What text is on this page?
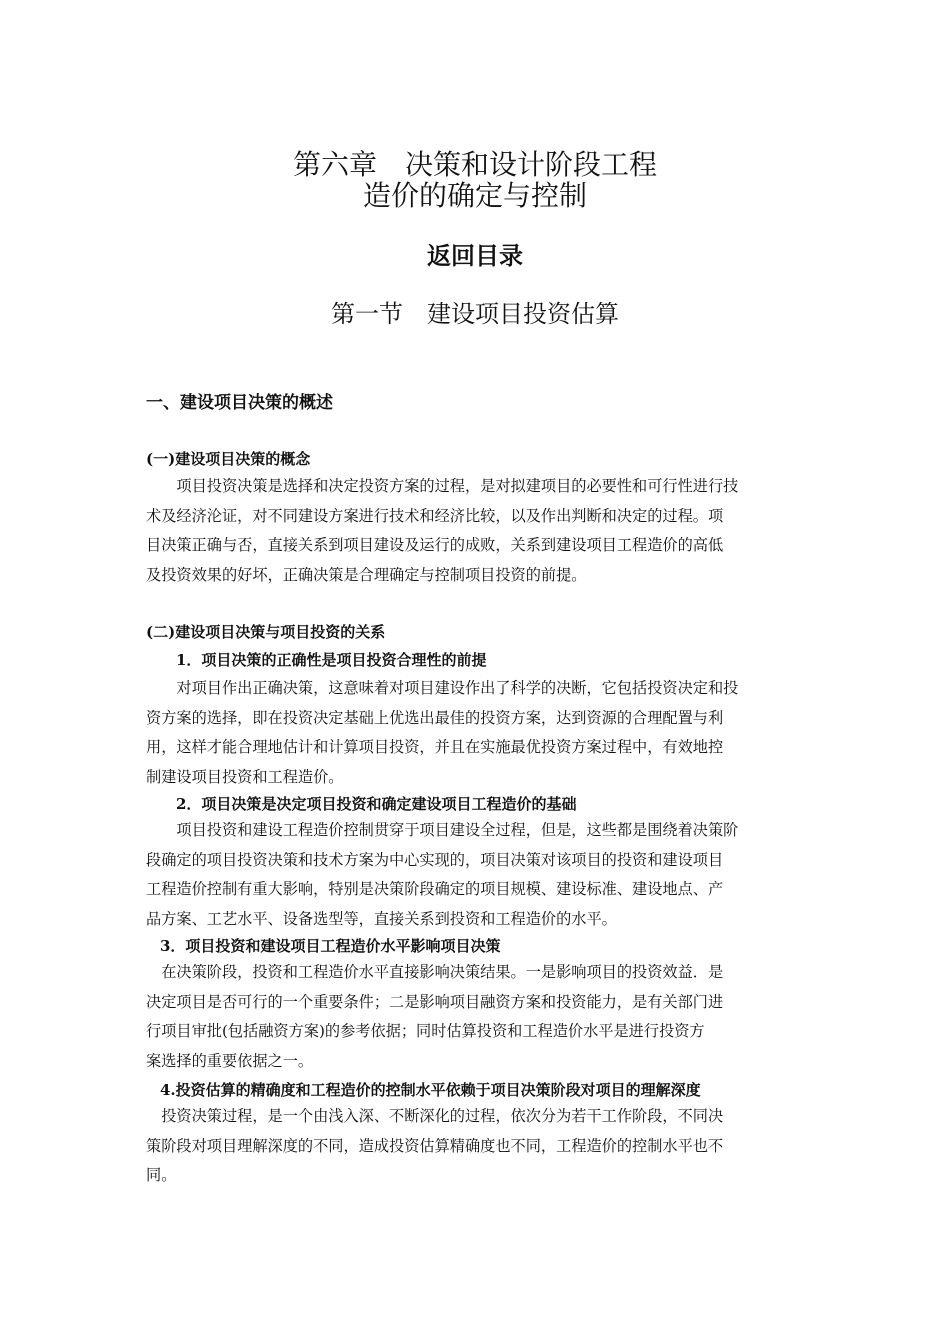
第六章　决策和设计阶段工程
造价的确定与控制
返回目录
第一节　建设项目投资估算
一、建设项目决策的概述
(一)建设项目决策的概念
　　项目投资决策是选择和决定投资方案的过程，是对拟建项目的必要性和可行性进行技
术及经济沦证，对不同建设方案进行技术和经济比较，以及作出判断和决定的过程。项
目决策正确与否，直接关系到项目建设及运行的成败，关系到建设项目工程造价的高低
及投资效果的好坏，正确决策是合理确定与控制项目投资的前提。
(二)建设项目决策与项目投资的关系
1．项目决策的正确性是项目投资合理性的前提
　　对项目作出正确决策，这意味着对项目建设作出了科学的决断，它包括投资决定和投
资方案的选择，即在投资决定基础上优选出最佳的投资方案，达到资源的合理配置与利
用，这样才能合理地估计和计算项目投资，并且在实施最优投资方案过程中，有效地控
制建设项目投资和工程造价。
2．项目决策是决定项目投资和确定建设项目工程造价的基础
　　项目投资和建设工程造价控制贯穿于项目建设全过程，但是，这些都是围绕着决策阶
段确定的项目投资决策和技术方案为中心实现的，项目决策对该项目的投资和建设项目
工程造价控制有重大影响，特别是决策阶段确定的项目规模、建设标准、建设地点、产
品方案、工艺水平、设备选型等，直接关系到投资和工程造价的水平。
3．项目投资和建设项目工程造价水平影响项目决策
　在决策阶段，投资和工程造价水平直接影响决策结果。一是影响项目的投资效益．是
决定项目是否可行的一个重要条件；二是影响项目融资方案和投资能力，是有关部门进
行项目审批(包括融资方案)的参考依据；同时估算投资和工程造价水平是进行投资方
案选择的重要依据之一。
4.投资估算的精确度和工程造价的控制水平依赖于项目决策阶段对项目的理解深度
　投资决策过程，是一个由浅入深、不断深化的过程，依次分为若干工作阶段，不同决
策阶段对项目理解深度的不同，造成投资估算精确度也不同，工程造价的控制水平也不
同。
